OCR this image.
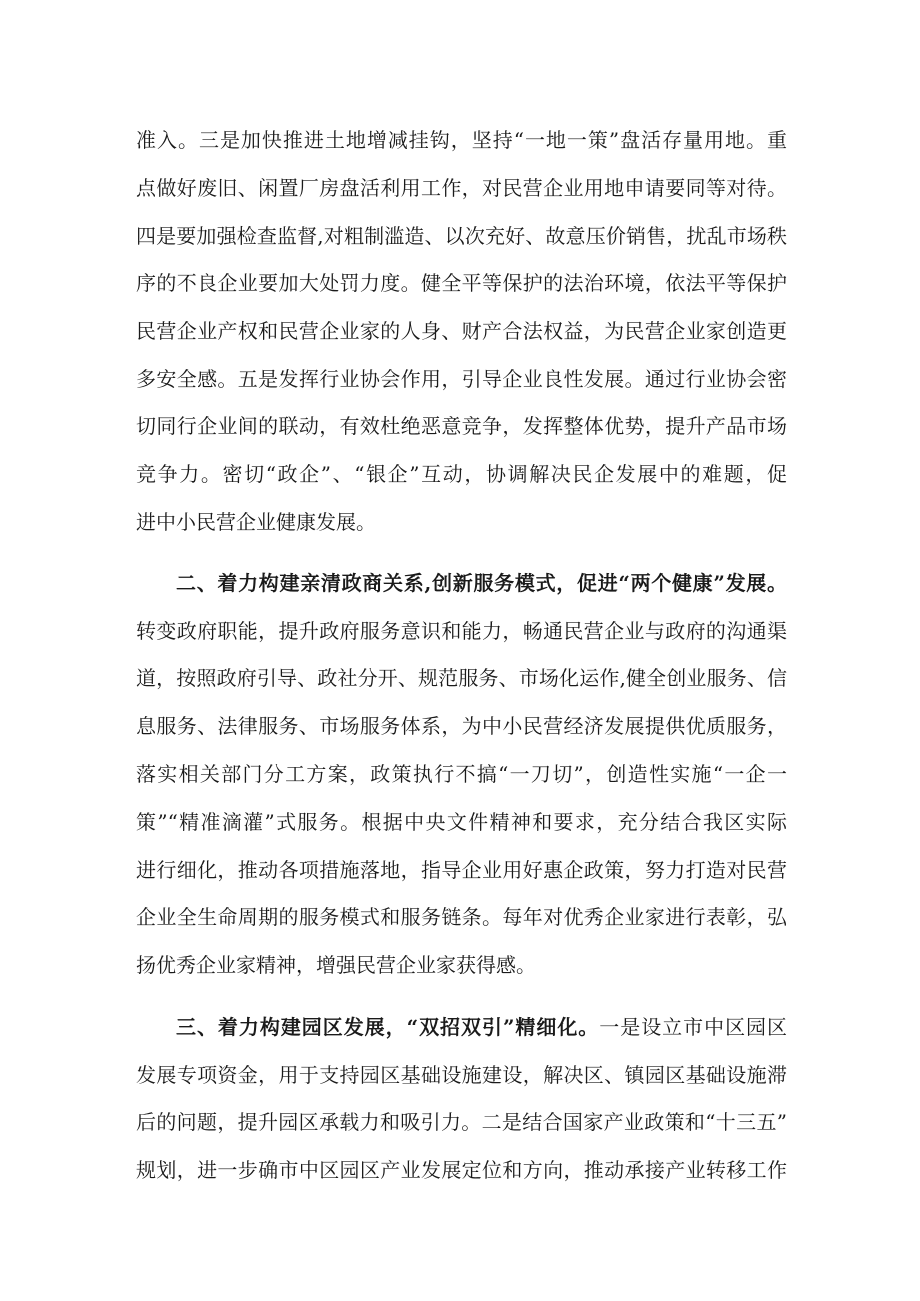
准入。三是加快推进土地增减挂钩，坚持“一地一策”盘活存量用地。重
点做好废旧、闲置厂房盘活利用工作，对民营企业用地申请要同等对待。
四是要加强检查监督,对粗制滥造、以次充好、故意压价销售，扰乱市场秩
序的不良企业要加大处罚力度。健全平等保护的法治环境，依法平等保护
民营企业产权和民营企业家的人身、财产合法权益，为民营企业家创造更
多安全感。五是发挥行业协会作用，引导企业良性发展。通过行业协会密
切同行企业间的联动，有效杜绝恶意竞争，发挥整体优势，提升产品市场
竞争力。密切“政企”、“银企”互动，协调解决民企发展中的难题，促
进中小民营企业健康发展。
二、着力构建亲清政商关系,创新服务模式，促进“两个健康”发展。
转变政府职能，提升政府服务意识和能力，畅通民营企业与政府的沟通渠
道，按照政府引导、政社分开、规范服务、市场化运作,健全创业服务、信
息服务、法律服务、市场服务体系，为中小民营经济发展提供优质服务，
落实相关部门分工方案，政策执行不搞“一刀切”，创造性实施“一企一
策”“精准滴灌”式服务。根据中央文件精神和要求，充分结合我区实际
进行细化，推动各项措施落地，指导企业用好惠企政策，努力打造对民营
企业全生命周期的服务模式和服务链条。每年对优秀企业家进行表彰，弘
扬优秀企业家精神，增强民营企业家获得感。
三、着力构建园区发展，“双招双引”精细化。一是设立市中区园区
发展专项资金，用于支持园区基础设施建设，解决区、镇园区基础设施滞
后的问题，提升园区承载力和吸引力。二是结合国家产业政策和“十三五”
规划，进一步确市中区园区产业发展定位和方向，推动承接产业转移工作
